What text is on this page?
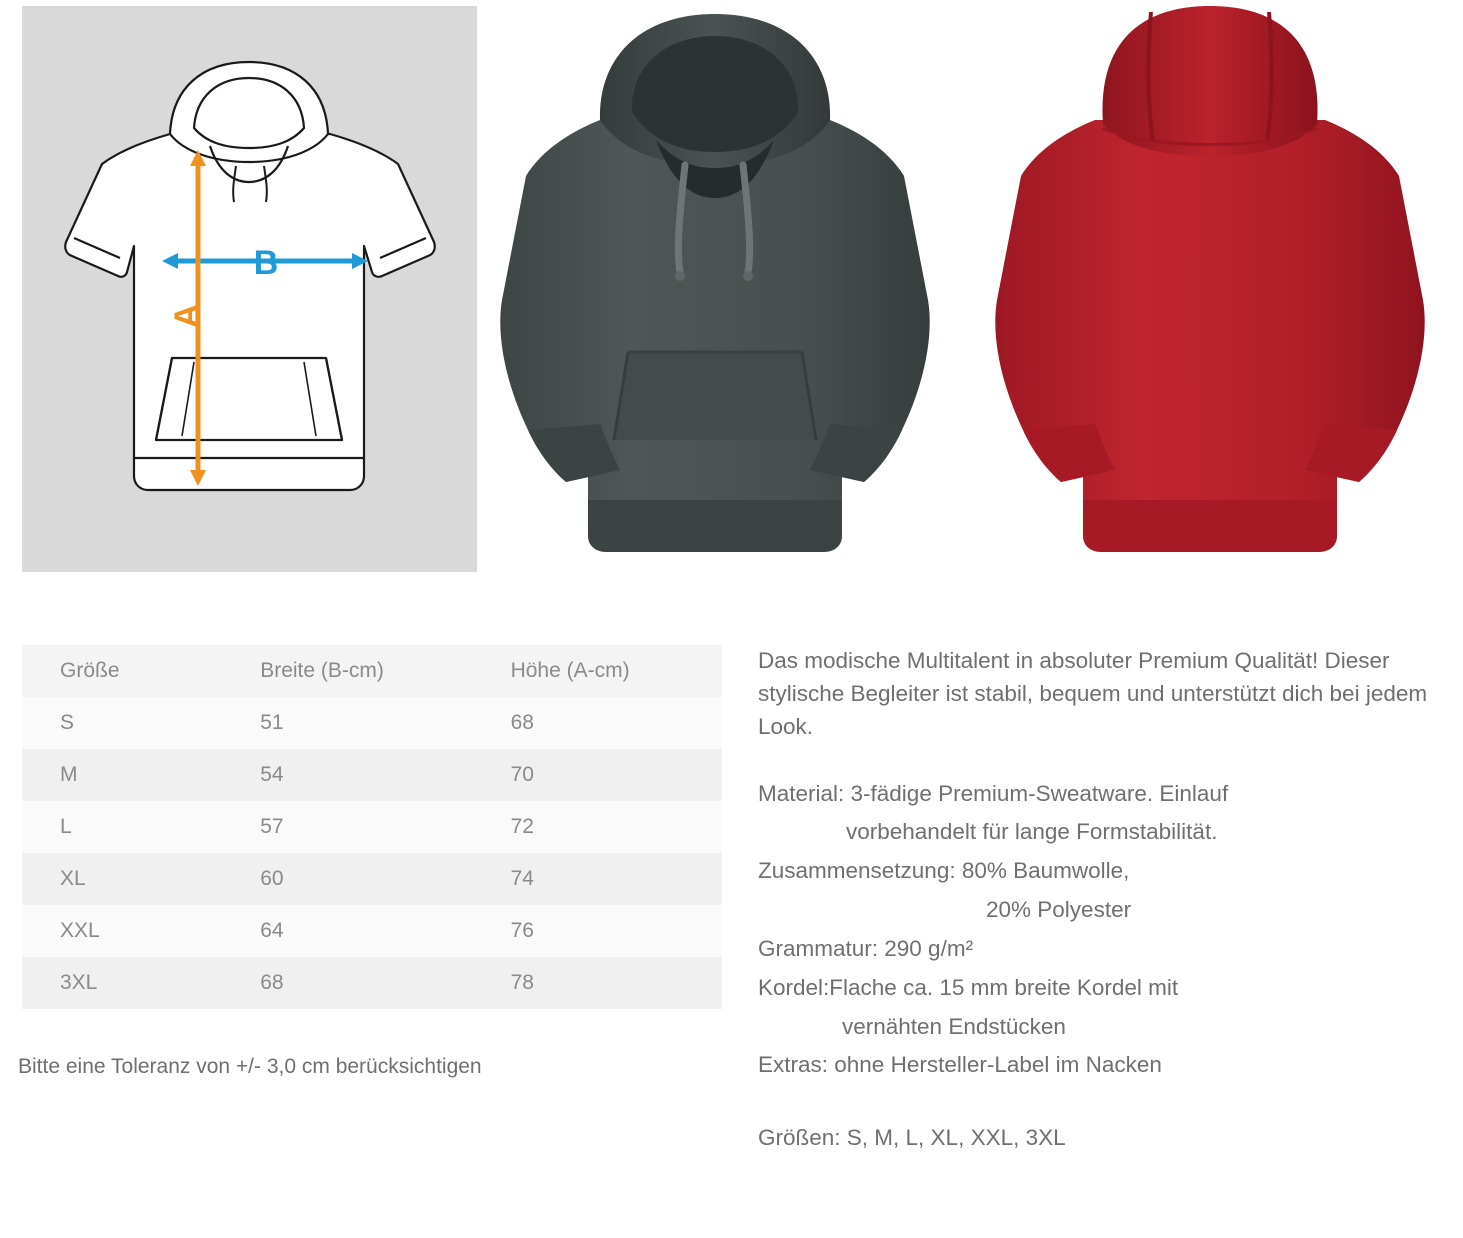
B
A
Größe	Breite (B-cm)	Höhe (A-cm)
S	51	68
M	54	70
L	57	72
XL	60	74
XXL	64	76
3XL	68	78
Bitte eine Toleranz von +/- 3,0 cm berücksichtigen

Das modische Multitalent in absoluter Premium Qualität! Dieser stylische Begleiter ist stabil, bequem und unterstützt dich bei jedem Look.

Material: 3-fädige Premium-Sweatware. Einlauf

vorbehandelt für lange Formstabilität.

Zusammensetzung: 80% Baumwolle,

20% Polyester

Grammatur: 290 g/m²

Kordel:Flache ca. 15 mm breite Kordel mit

vernähten Endstücken

Extras: ohne Hersteller-Label im Nacken

Größen: S, M, L, XL, XXL, 3XL
